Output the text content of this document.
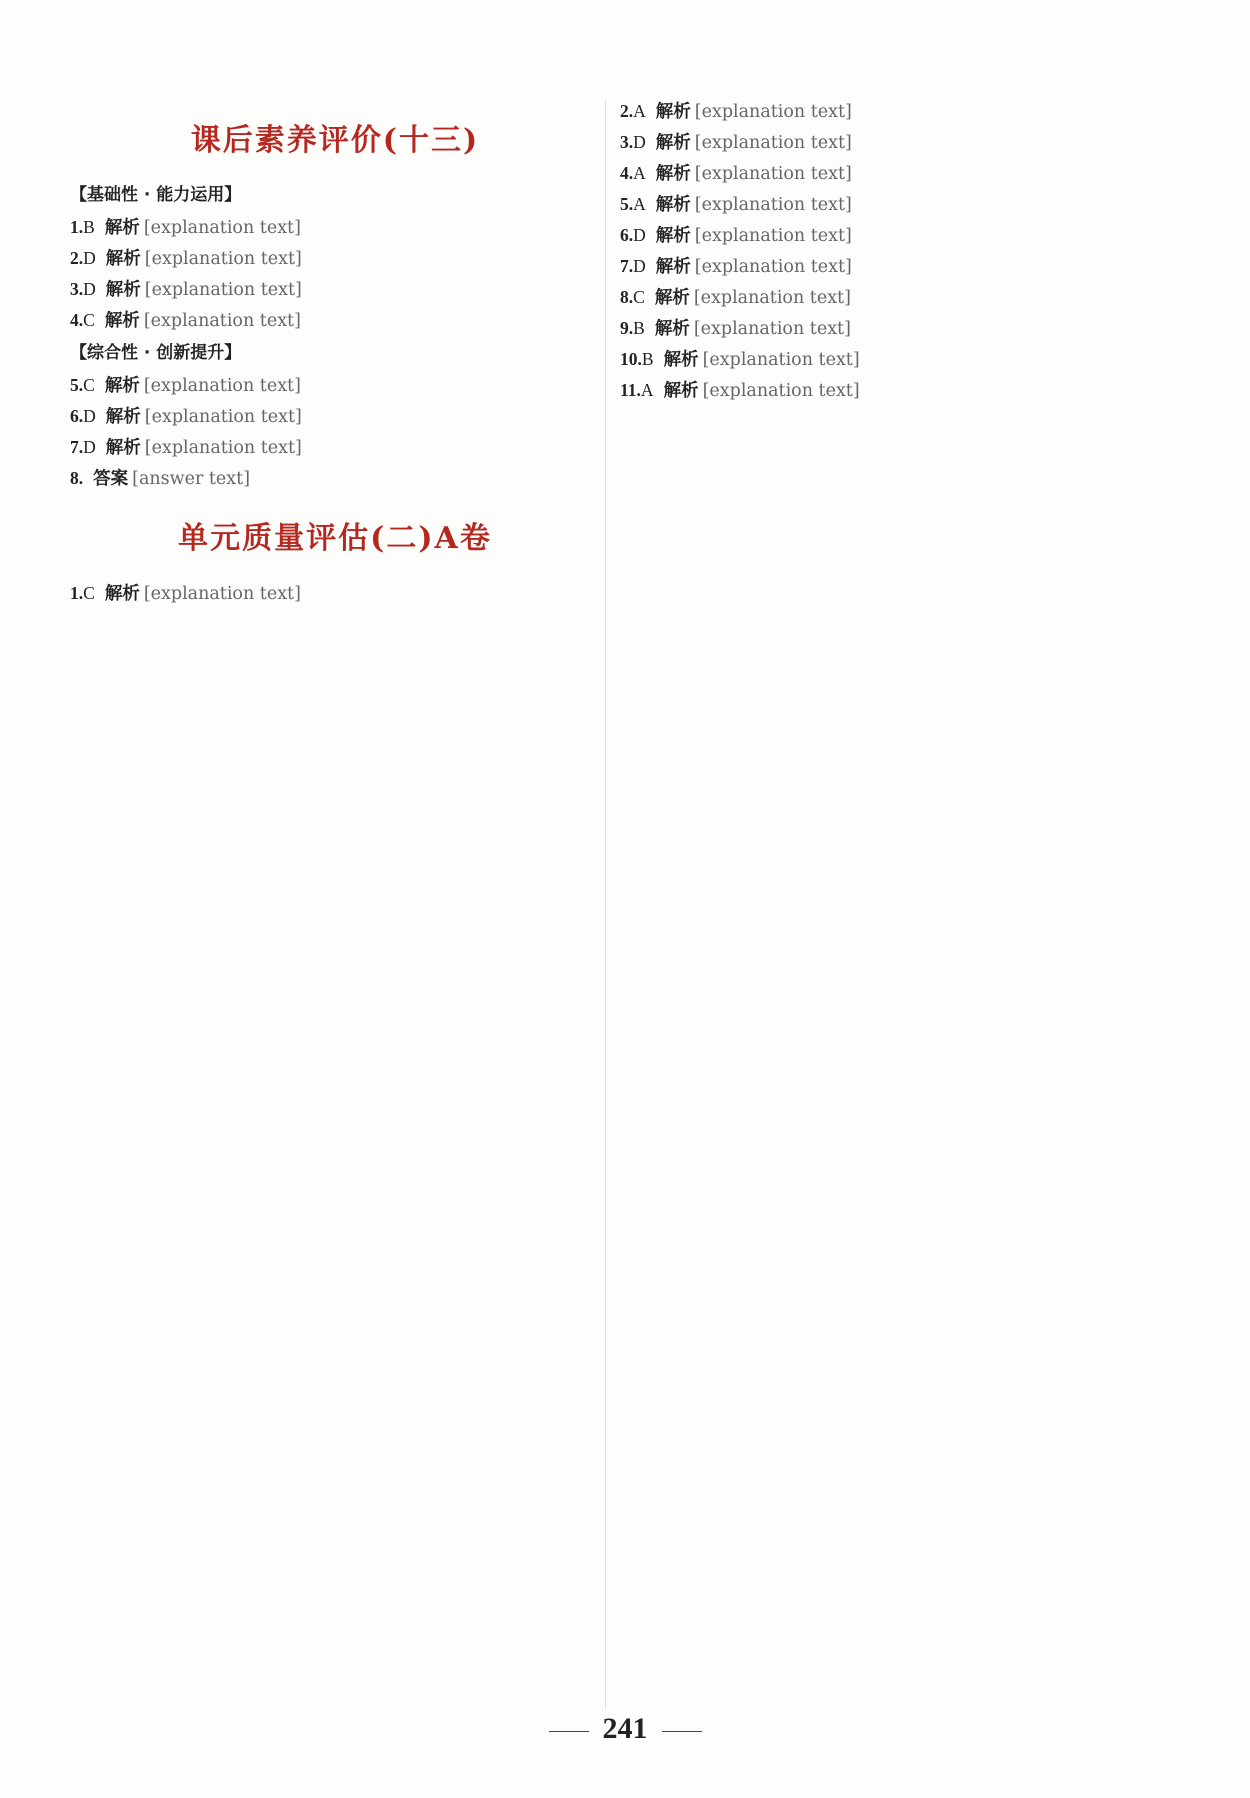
课后素养评价(十三)
【基础性 · 能力运用】

1.B 解析 [explanation text]

2.D 解析 [explanation text]

3.D 解析 [explanation text]

4.C 解析 [explanation text]

【综合性 · 创新提升】

5.C 解析 [explanation text]

6.D 解析 [explanation text]

7.D 解析 [explanation text]

8. 答案 [answer text]

单元质量评估(二)A卷

1.C 解析 [explanation text]

2.A 解析 [explanation text]

3.D 解析 [explanation text]

4.A 解析 [explanation text]

5.A 解析 [explanation text]

6.D 解析 [explanation text]

7.D 解析 [explanation text]

8.C 解析 [explanation text]

9.B 解析 [explanation text]

10.B 解析 [explanation text]

11.A 解析 [explanation text]

241
